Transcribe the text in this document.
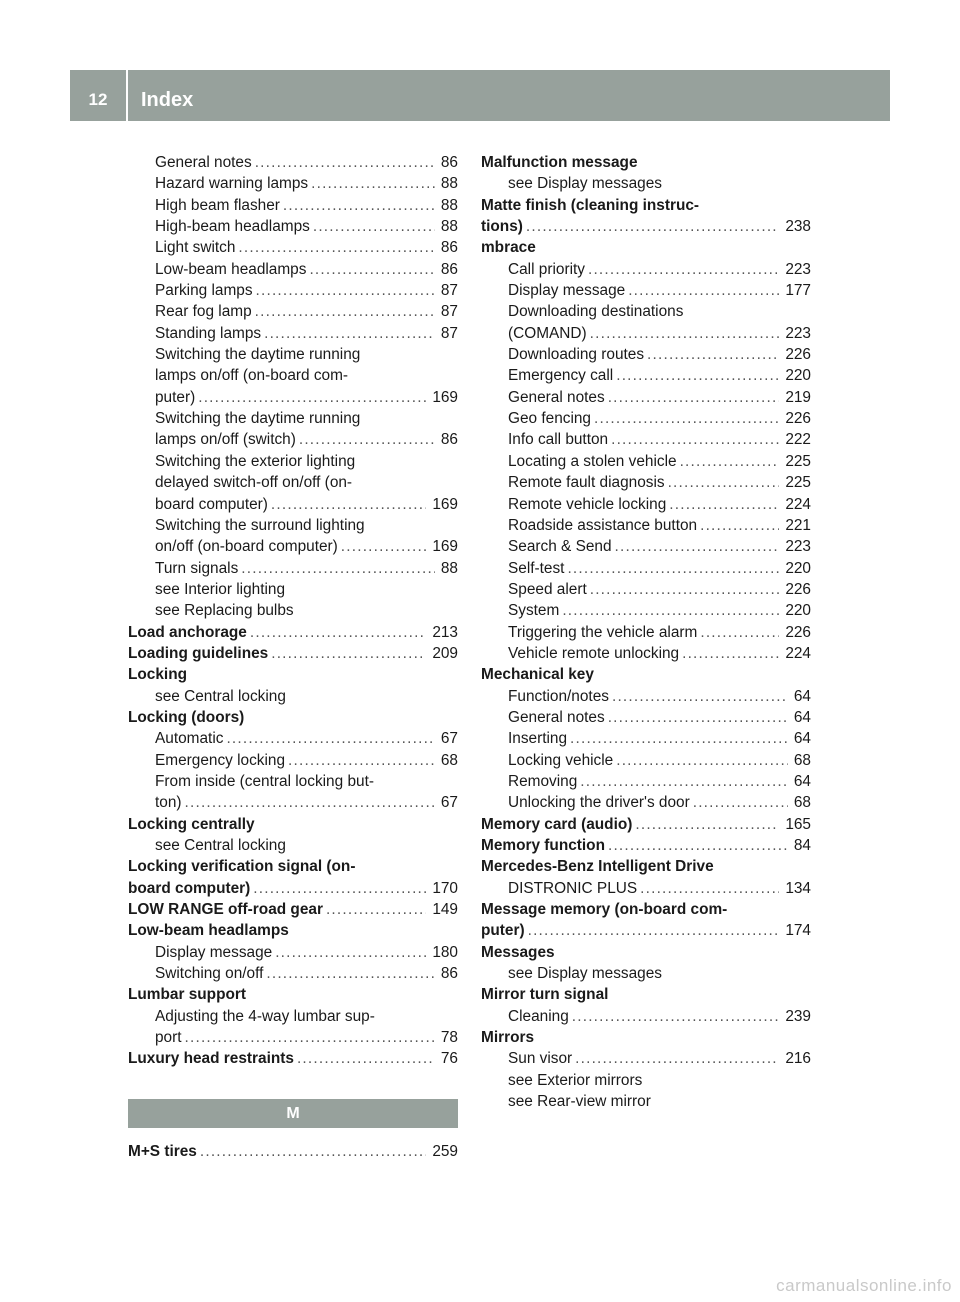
12	Index
General notes .....	86
Hazard warning lamps .....	88
High beam flasher .....	88
High-beam headlamps .....	88
Light switch .....	86
Low-beam headlamps .....	86
Parking lamps .....	87
Rear fog lamp .....	87
Standing lamps .....	87
Switching the daytime running
lamps on/off (on-board com-
puter) .....	169
Switching the daytime running
lamps on/off (switch) .....	86
Switching the exterior lighting
delayed switch-off on/off (on-
board computer) .....	169
Switching the surround lighting
on/off (on-board computer) .....	169
Turn signals .....	88
see Interior lighting
see Replacing bulbs
Load anchorage .....	213
Loading guidelines .....	209
Locking
see Central locking
Locking (doors)
Automatic .....	67
Emergency locking .....	68
From inside (central locking but-
ton) .....	67
Locking centrally
see Central locking
Locking verification signal (on-
board computer) .....	170
LOW RANGE off-road gear .....	149
Low-beam headlamps
Display message .....	180
Switching on/off .....	86
Lumbar support
Adjusting the 4-way lumbar sup-
port .....	78
Luxury head restraints .....	76
M
M+S tires .....	259
Malfunction message
see Display messages
Matte finish (cleaning instruc-
tions) .....	238
mbrace
Call priority .....	223
Display message .....	177
Downloading destinations
(COMAND) .....	223
Downloading routes .....	226
Emergency call .....	220
General notes .....	219
Geo fencing .....	226
Info call button .....	222
Locating a stolen vehicle .....	225
Remote fault diagnosis .....	225
Remote vehicle locking .....	224
Roadside assistance button .....	221
Search & Send .....	223
Self-test .....	220
Speed alert .....	226
System .....	220
Triggering the vehicle alarm .....	226
Vehicle remote unlocking .....	224
Mechanical key
Function/notes .....	64
General notes .....	64
Inserting .....	64
Locking vehicle .....	68
Removing .....	64
Unlocking the driver's door .....	68
Memory card (audio) .....	165
Memory function .....	84
Mercedes-Benz Intelligent Drive
DISTRONIC PLUS .....	134
Message memory (on-board com-
puter) .....	174
Messages
see Display messages
Mirror turn signal
Cleaning .....	239
Mirrors
Sun visor .....	216
see Exterior mirrors
see Rear-view mirror
carmanualsonline.info
